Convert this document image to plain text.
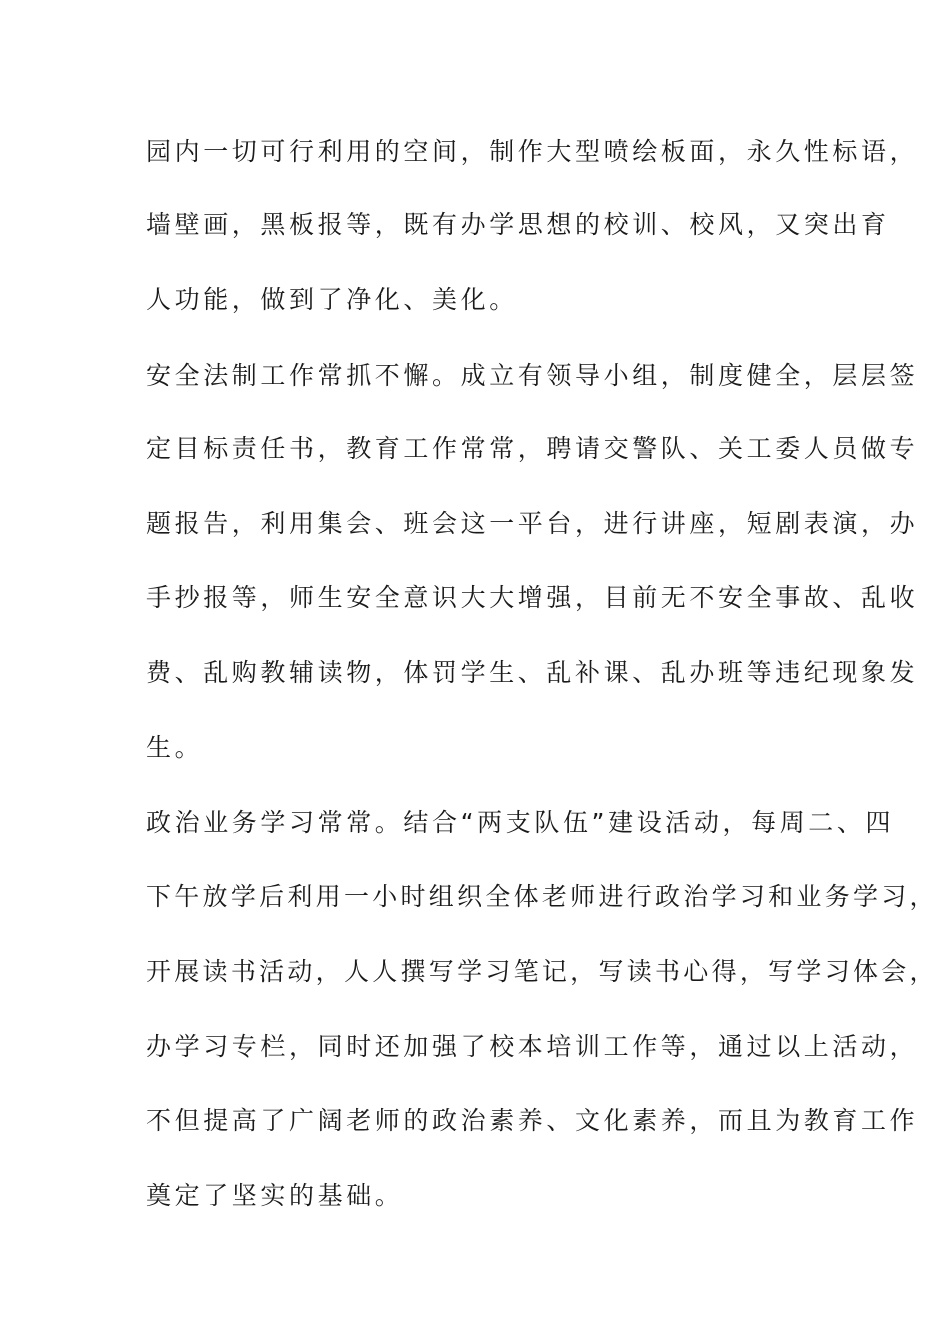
园内一切可行利用的空间，制作大型喷绘板面，永久性标语，
墙壁画，黑板报等，既有办学思想的校训、校风，又突出育
人功能，做到了净化、美化。
安全法制工作常抓不懈。成立有领导小组，制度健全，层层签
定目标责任书，教育工作常常，聘请交警队、关工委人员做专
题报告，利用集会、班会这一平台，进行讲座，短剧表演，办
手抄报等，师生安全意识大大增强，目前无不安全事故、乱收
费、乱购教辅读物，体罚学生、乱补课、乱办班等违纪现象发
生。
政治业务学习常常。结合“两支队伍”建设活动，每周二、四
下午放学后利用一小时组织全体老师进行政治学习和业务学习，
开展读书活动，人人撰写学习笔记，写读书心得，写学习体会，
办学习专栏，同时还加强了校本培训工作等，通过以上活动，
不但提高了广阔老师的政治素养、文化素养，而且为教育工作
奠定了坚实的基础。
